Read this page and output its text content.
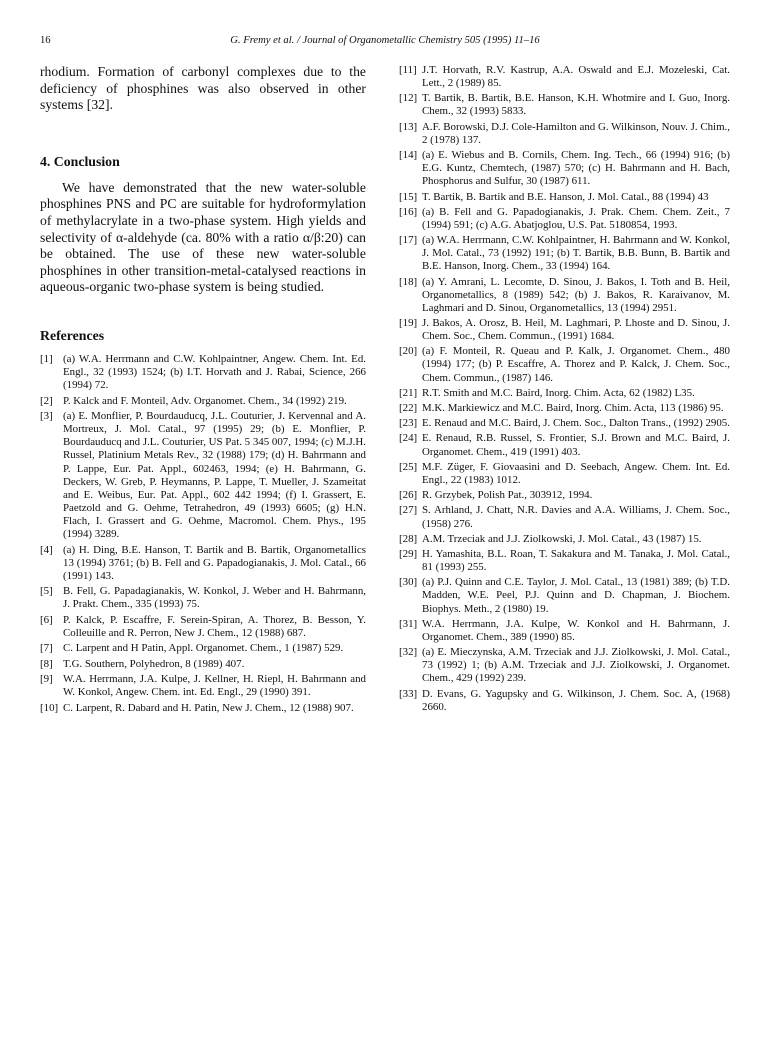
16	G. Fremy et al. / Journal of Organometallic Chemistry 505 (1995) 11–16

rhodium. Formation of carbonyl complexes due to the deficiency of phosphines was also observed in other systems [32].

4. Conclusion

We have demonstrated that the new water-soluble phosphines PNS and PC are suitable for hydroformylation of methylacrylate in a two-phase system. High yields and selectivity of α-aldehyde (ca. 80% with a ratio α/β:20) can be obtained. The use of these new water-soluble phosphines in other transition-metal-catalysed reactions in aqueous-organic two-phase system is being studied.

References
[1] (a) W.A. Herrmann and C.W. Kohlpaintner, Angew. Chem. Int. Ed. Engl., 32 (1993) 1524; (b) I.T. Horvath and J. Rabai, Science, 266 (1994) 72.
[2] P. Kalck and F. Monteil, Adv. Organomet. Chem., 34 (1992) 219.
[3] (a) E. Monflier, P. Bourdauducq, J.L. Couturier, J. Kervennal and A. Mortreux, J. Mol. Catal., 97 (1995) 29; (b) E. Monflier, P. Bourdauducq and J.L. Couturier, US Pat. 5 345 007, 1994; (c) M.J.H. Russel, Platinium Metals Rev., 32 (1988) 179; (d) H. Bahrmann and P. Lappe, Eur. Pat. Appl., 602463, 1994; (e) H. Bahrmann, G. Deckers, W. Greb, P. Heymanns, P. Lappe, T. Mueller, J. Szameitat and E. Weibus, Eur. Pat. Appl., 602 442 1994; (f) I. Grassert, E. Paetzold and G. Oehme, Tetrahedron, 49 (1993) 6605; (g) H.N. Flach, I. Grassert and G. Oehme, Macromol. Chem. Phys., 195 (1994) 3289.
[4] (a) H. Ding, B.E. Hanson, T. Bartik and B. Bartik, Organometallics 13 (1994) 3761; (b) B. Fell and G. Papadogianakis, J. Mol. Catal., 66 (1991) 143.
[5] B. Fell, G. Papadagianakis, W. Konkol, J. Weber and H. Bahrmann, J. Prakt. Chem., 335 (1993) 75.
[6] P. Kalck, P. Escaffre, F. Serein-Spiran, A. Thorez, B. Besson, Y. Colleuille and R. Perron, New J. Chem., 12 (1988) 687.
[7] C. Larpent and H Patin, Appl. Organomet. Chem., 1 (1987) 529.
[8] T.G. Southern, Polyhedron, 8 (1989) 407.
[9] W.A. Herrmann, J.A. Kulpe, J. Kellner, H. Riepl, H. Bahrmann and W. Konkol, Angew. Chem. int. Ed. Engl., 29 (1990) 391.
[10] C. Larpent, R. Dabard and H. Patin, New J. Chem., 12 (1988) 907.
[11] J.T. Horvath, R.V. Kastrup, A.A. Oswald and E.J. Mozeleski, Cat. Lett., 2 (1989) 85.
[12] T. Bartik, B. Bartik, B.E. Hanson, K.H. Whotmire and I. Guo, Inorg. Chem., 32 (1993) 5833.
[13] A.F. Borowski, D.J. Cole-Hamilton and G. Wilkinson, Nouv. J. Chim., 2 (1978) 137.
[14] (a) E. Wiebus and B. Cornils, Chem. Ing. Tech., 66 (1994) 916; (b) E.G. Kuntz, Chemtech, (1987) 570; (c) H. Bahrmann and H. Bach, Phosphorus and Sulfur, 30 (1987) 611.
[15] T. Bartik, B. Bartik and B.E. Hanson, J. Mol. Catal., 88 (1994) 43
[16] (a) B. Fell and G. Papadogianakis, J. Prak. Chem. Chem. Zeit., 7 (1994) 591; (c) A.G. Abatjoglou, U.S. Pat. 5180854, 1993.
[17] (a) W.A. Herrmann, C.W. Kohlpaintner, H. Bahrmann and W. Konkol, J. Mol. Catal., 73 (1992) 191; (b) T. Bartik, B.B. Bunn, B. Bartik and B.E. Hanson, Inorg. Chem., 33 (1994) 164.
[18] (a) Y. Amrani, L. Lecomte, D. Sinou, J. Bakos, I. Toth and B. Heil, Organometallics, 8 (1989) 542; (b) J. Bakos, R. Karaivanov, M. Laghmari and D. Sinou, Organometallics, 13 (1994) 2951.
[19] J. Bakos, A. Orosz, B. Heil, M. Laghmari, P. Lhoste and D. Sinou, J. Chem. Soc., Chem. Commun., (1991) 1684.
[20] (a) F. Monteil, R. Queau and P. Kalk, J. Organomet. Chem., 480 (1994) 177; (b) P. Escaffre, A. Thorez and P. Kalck, J. Chem. Soc., Chem. Commun., (1987) 146.
[21] R.T. Smith and M.C. Baird, Inorg. Chim. Acta, 62 (1982) L35.
[22] M.K. Markiewicz and M.C. Baird, Inorg. Chim. Acta, 113 (1986) 95.
[23] E. Renaud and M.C. Baird, J. Chem. Soc., Dalton Trans., (1992) 2905.
[24] E. Renaud, R.B. Russel, S. Frontier, S.J. Brown and M.C. Baird, J. Organomet. Chem., 419 (1991) 403.
[25] M.F. Züger, F. Giovaasini and D. Seebach, Angew. Chem. Int. Ed. Engl., 22 (1983) 1012.
[26] R. Grzybek, Polish Pat., 303912, 1994.
[27] S. Arhland, J. Chatt, N.R. Davies and A.A. Williams, J. Chem. Soc., (1958) 276.
[28] A.M. Trzeciak and J.J. Ziolkowski, J. Mol. Catal., 43 (1987) 15.
[29] H. Yamashita, B.L. Roan, T. Sakakura and M. Tanaka, J. Mol. Catal., 81 (1993) 255.
[30] (a) P.J. Quinn and C.E. Taylor, J. Mol. Catal., 13 (1981) 389; (b) T.D. Madden, W.E. Peel, P.J. Quinn and D. Chapman, J. Biochem. Biophys. Meth., 2 (1980) 19.
[31] W.A. Herrmann, J.A. Kulpe, W. Konkol and H. Bahrmann, J. Organomet. Chem., 389 (1990) 85.
[32] (a) E. Mieczynska, A.M. Trzeciak and J.J. Ziolkowski, J. Mol. Catal., 73 (1992) 1; (b) A.M. Trzeciak and J.J. Ziolkowski, J. Organomet. Chem., 429 (1992) 239.
[33] D. Evans, G. Yagupsky and G. Wilkinson, J. Chem. Soc. A, (1968) 2660.
